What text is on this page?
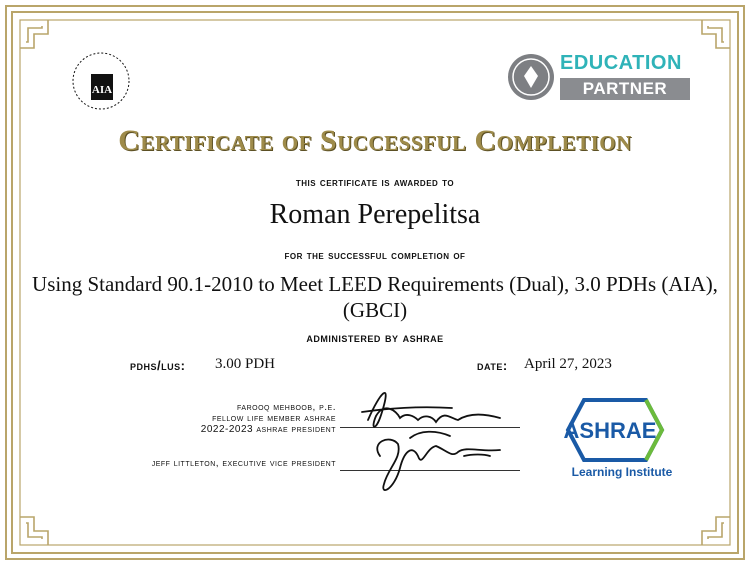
AIA
EDUCATION
PARTNER
Certificate of Successful Completion
this certificate is awarded to
Roman Perepelitsa
for the successful completion of
Using Standard 90.1-2010 to Meet LEED Requirements (Dual), 3.0 PDHs (AIA), (GBCI)
administered by ashrae
pdhs/lus: 3.00 PDH	date: April 27, 2023
farooq mehboob, p.e.
fellow life member ashrae
2022-2023 ashrae president
jeff littleton, executive vice president
ASHRAE
Learning Institute
